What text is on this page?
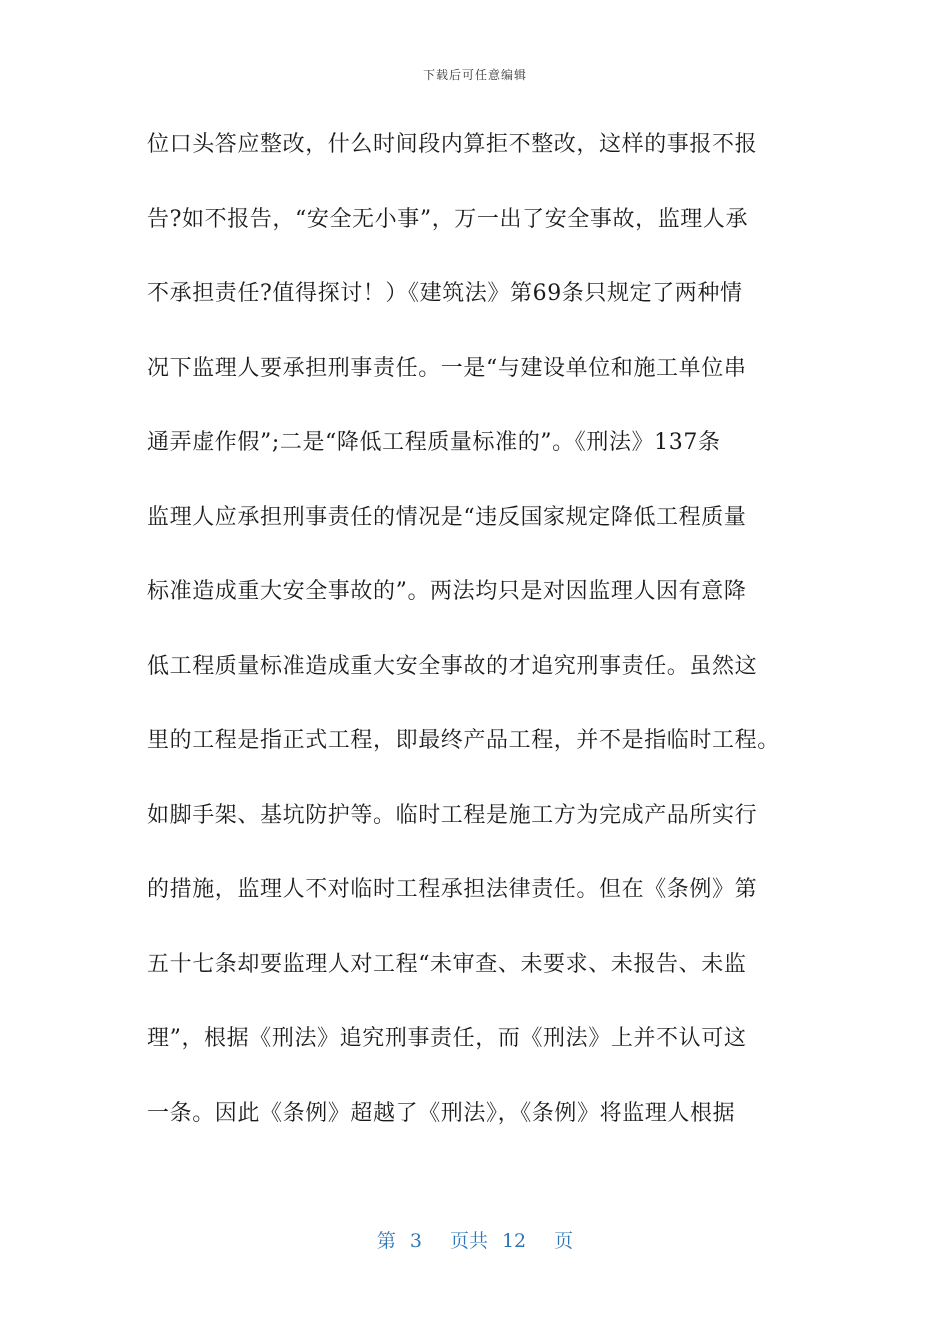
下载后可任意编辑
位口头答应整改，什么时间段内算拒不整改，这样的事报不报
告?如不报告，“安全无小事”，万一出了安全事故，监理人承
不承担责任?值得探讨！）《建筑法》第69条只规定了两种情
况下监理人要承担刑事责任。一是“与建设单位和施工单位串
通弄虚作假”;二是“降低工程质量标准的”。《刑法》137条
监理人应承担刑事责任的情况是“违反国家规定降低工程质量
标准造成重大安全事故的”。两法均只是对因监理人因有意降
低工程质量标准造成重大安全事故的才追究刑事责任。虽然这
里的工程是指正式工程，即最终产品工程，并不是指临时工程。
如脚手架、基坑防护等。临时工程是施工方为完成产品所实行
的措施，监理人不对临时工程承担法律责任。但在《条例》第
五十七条却要监理人对工程“未审查、未要求、未报告、未监
理”，根据《刑法》追究刑事责任，而《刑法》上并不认可这
一条。因此《条例》超越了《刑法》，《条例》将监理人根据
第 3 页共 12 页
